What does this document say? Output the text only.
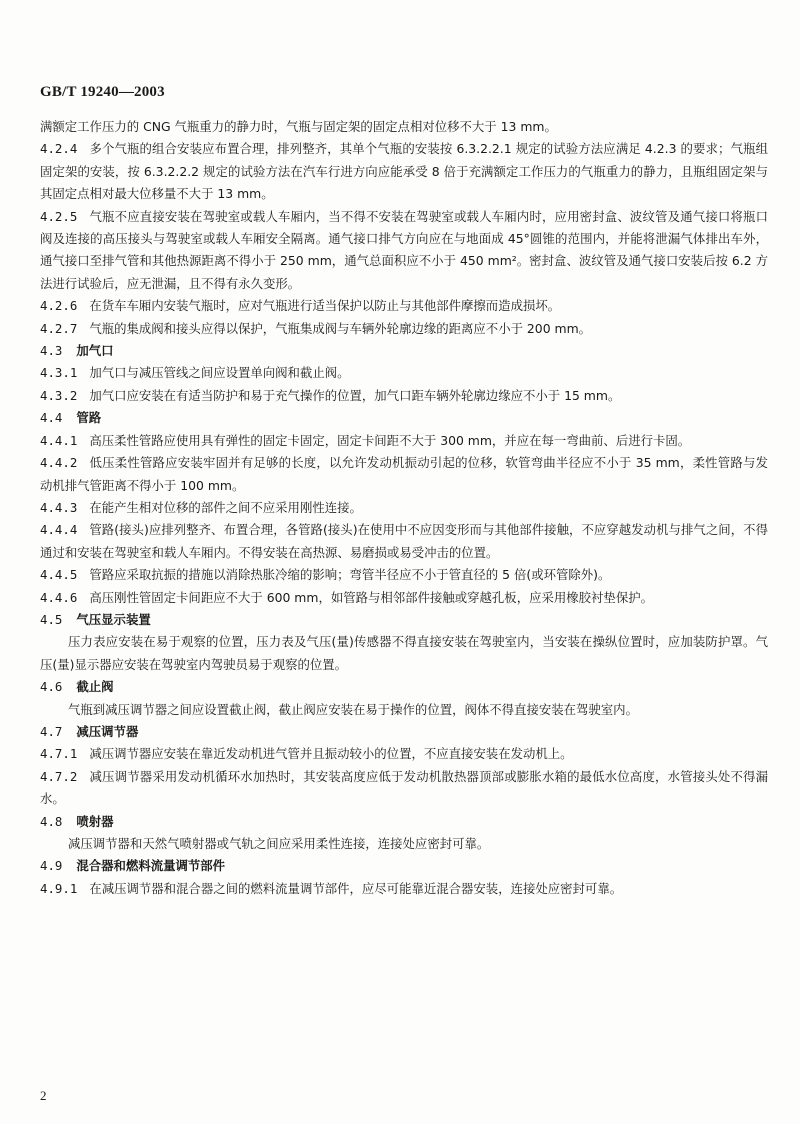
GB/T 19240—2003

满额定工作压力的 CNG 气瓶重力的静力时，气瓶与固定架的固定点相对位移不大于 13 mm。

4.2.4 多个气瓶的组合安装应布置合理，排列整齐，其单个气瓶的安装按 6.3.2.2.1 规定的试验方法应满足 4.2.3 的要求；气瓶组固定架的安装，按 6.3.2.2.2 规定的试验方法在汽车行进方向应能承受 8 倍于充满额定工作压力的气瓶重力的静力，且瓶组固定架与其固定点相对最大位移量不大于 13 mm。

4.2.5 气瓶不应直接安装在驾驶室或载人车厢内，当不得不安装在驾驶室或载人车厢内时，应用密封盒、波纹管及通气接口将瓶口阀及连接的高压接头与驾驶室或载人车厢安全隔离。通气接口排气方向应在与地面成 45°圆锥的范围内，并能将泄漏气体排出车外，通气接口至排气管和其他热源距离不得小于 250 mm，通气总面积应不小于 450 mm²。密封盒、波纹管及通气接口安装后按 6.2 方法进行试验后，应无泄漏，且不得有永久变形。

4.2.6 在货车车厢内安装气瓶时，应对气瓶进行适当保护以防止与其他部件摩擦而造成损坏。

4.2.7 气瓶的集成阀和接头应得以保护，气瓶集成阀与车辆外轮廓边缘的距离应不小于 200 mm。

4.3 加气口

4.3.1 加气口与减压管线之间应设置单向阀和截止阀。

4.3.2 加气口应安装在有适当防护和易于充气操作的位置，加气口距车辆外轮廓边缘应不小于 15 mm。

4.4 管路

4.4.1 高压柔性管路应使用具有弹性的固定卡固定，固定卡间距不大于 300 mm，并应在每一弯曲前、后进行卡固。

4.4.2 低压柔性管路应安装牢固并有足够的长度，以允许发动机振动引起的位移，软管弯曲半径应不小于 35 mm，柔性管路与发动机排气管距离不得小于 100 mm。

4.4.3 在能产生相对位移的部件之间不应采用刚性连接。

4.4.4 管路(接头)应排列整齐、布置合理，各管路(接头)在使用中不应因变形而与其他部件接触，不应穿越发动机与排气之间，不得通过和安装在驾驶室和载人车厢内。不得安装在高热源、易磨损或易受冲击的位置。

4.4.5 管路应采取抗振的措施以消除热胀冷缩的影响；弯管半径应不小于管直径的 5 倍(或环管除外)。

4.4.6 高压刚性管固定卡间距应不大于 600 mm，如管路与相邻部件接触或穿越孔板，应采用橡胶衬垫保护。

4.5 气压显示装置

压力表应安装在易于观察的位置，压力表及气压(量)传感器不得直接安装在驾驶室内，当安装在操纵位置时，应加装防护罩。气压(量)显示器应安装在驾驶室内驾驶员易于观察的位置。

4.6 截止阀

气瓶到减压调节器之间应设置截止阀，截止阀应安装在易于操作的位置，阀体不得直接安装在驾驶室内。

4.7 减压调节器

4.7.1 减压调节器应安装在靠近发动机进气管并且振动较小的位置，不应直接安装在发动机上。

4.7.2 减压调节器采用发动机循环水加热时，其安装高度应低于发动机散热器顶部或膨胀水箱的最低水位高度，水管接头处不得漏水。

4.8 喷射器

减压调节器和天然气喷射器或气轨之间应采用柔性连接，连接处应密封可靠。

4.9 混合器和燃料流量调节部件

4.9.1 在减压调节器和混合器之间的燃料流量调节部件，应尽可能靠近混合器安装，连接处应密封可靠。

2
